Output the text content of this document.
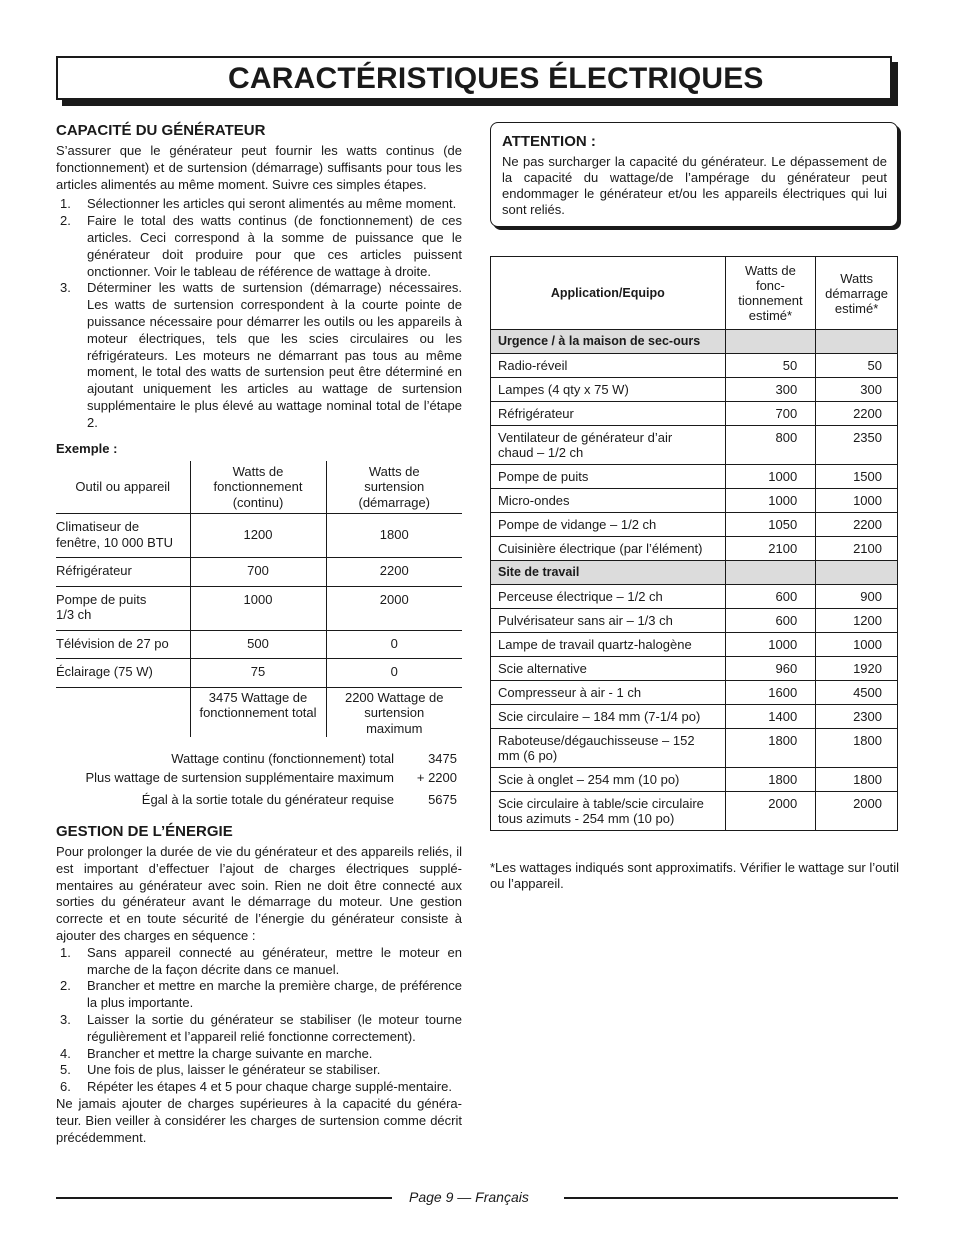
CARACTÉRISTIQUES ÉLECTRIQUES
CAPACITÉ DU GÉNÉRATEUR

S’assurer que le générateur peut fournir les watts continus (de fonctionnement) et de surtension (démarrage) suffisants pour tous les articles alimentés au même moment. Suivre ces simples étapes.

1. Sélectionner les articles qui seront alimentés au même moment.
2. Faire le total des watts continus (de fonctionnement) de ces articles. Ceci correspond à la somme de puissance que le générateur doit produire pour que ces articles puissent onctionner. Voir le tableau de référence de wattage à droite.
3. Déterminer les watts de surtension (démarrage) nécessaires. Les watts de surtension correspondent à la courte pointe de puissance nécessaire pour démarrer les outils ou les appareils à moteur électriques, tels que les scies circulaires ou les réfrigérateurs. Les moteurs ne démarrant pas tous au même moment, le total des watts de surtension peut être déterminé en ajoutant uniquement les articles au wattage de surtension supplémentaire le plus élevé au wattage nominal total de l’étape 2.
Exemple :
Outil ou appareil	Watts de fonctionnement (continu)	Watts de surtension (démarrage)
Climatiseur de fenêtre, 10 000 BTU	1200	1800
Réfrigérateur	700	2200
Pompe de puits 1/3 ch	1000	2000
Télévision de 27 po	500	0
Éclairage (75 W)	75	0
	3475 Wattage de fonctionnement total	2200 Wattage de surtension maximum
Wattage continu (fonctionnement) total	3475
Plus wattage de surtension supplémentaire maximum + 2200
Égal à la sortie totale du générateur requise	5675
GESTION DE L’ÉNERGIE

Pour prolonger la durée de vie du générateur et des appareils reliés, il est important d’effectuer l’ajout de charges électriques supplé-mentaires au générateur avec soin. Rien ne doit être connecté aux sorties du générateur avant le démarrage du moteur. Une gestion correcte et en toute sécurité de l’énergie du générateur consiste à ajouter des charges en séquence :

1. Sans appareil connecté au générateur, mettre le moteur en marche de la façon décrite dans ce manuel.
2. Brancher et mettre en marche la première charge, de préférence la plus importante.
3. Laisser la sortie du générateur se stabiliser (le moteur tourne régulièrement et l’appareil relié fonctionne correctement).
4. Brancher et mettre la charge suivante en marche.
5. Une fois de plus, laisser le générateur se stabiliser.
6. Répéter les étapes 4 et 5 pour chaque charge supplé-mentaire.

Ne jamais ajouter de charges supérieures à la capacité du généra-teur. Bien veiller à considérer les charges de surtension comme décrit précédemment.

ATTENTION :
Ne pas surcharger la capacité du générateur. Le dépassement de la capacité du wattage/de l’ampérage du générateur peut endommager le générateur et/ou les appareils électriques qui lui sont reliés.
Application/Equipo	Watts de fonc-tionnement estimé*	Watts démarrage estimé*
Urgence / à la maison de sec-ours		
Radio-réveil	50	50
Lampes (4 qty x 75 W)	300	300
Réfrigérateur	700	2200
Ventilateur de générateur d’air chaud – 1/2 ch	800	2350
Pompe de puits	1000	1500
Micro-ondes	1000	1000
Pompe de vidange – 1/2 ch	1050	2200
Cuisinière électrique (par l’élément)	2100	2100
Site de travail		
Perceuse électrique – 1/2 ch	600	900
Pulvérisateur sans air – 1/3 ch	600	1200
Lampe de travail quartz-halogène	1000	1000
Scie alternative	960	1920
Compresseur à air - 1 ch	1600	4500
Scie circulaire – 184 mm (7-1/4 po)	1400	2300
Raboteuse/dégauchisseuse – 152 mm (6 po)	1800	1800
Scie à onglet – 254 mm (10 po)	1800	1800
Scie circulaire à table/scie circulaire tous azimuts - 254 mm (10 po)	2000	2000
*Les wattages indiqués sont approximatifs. Vérifier le wattage sur l’outil ou l’appareil.
Page 9 — Français
